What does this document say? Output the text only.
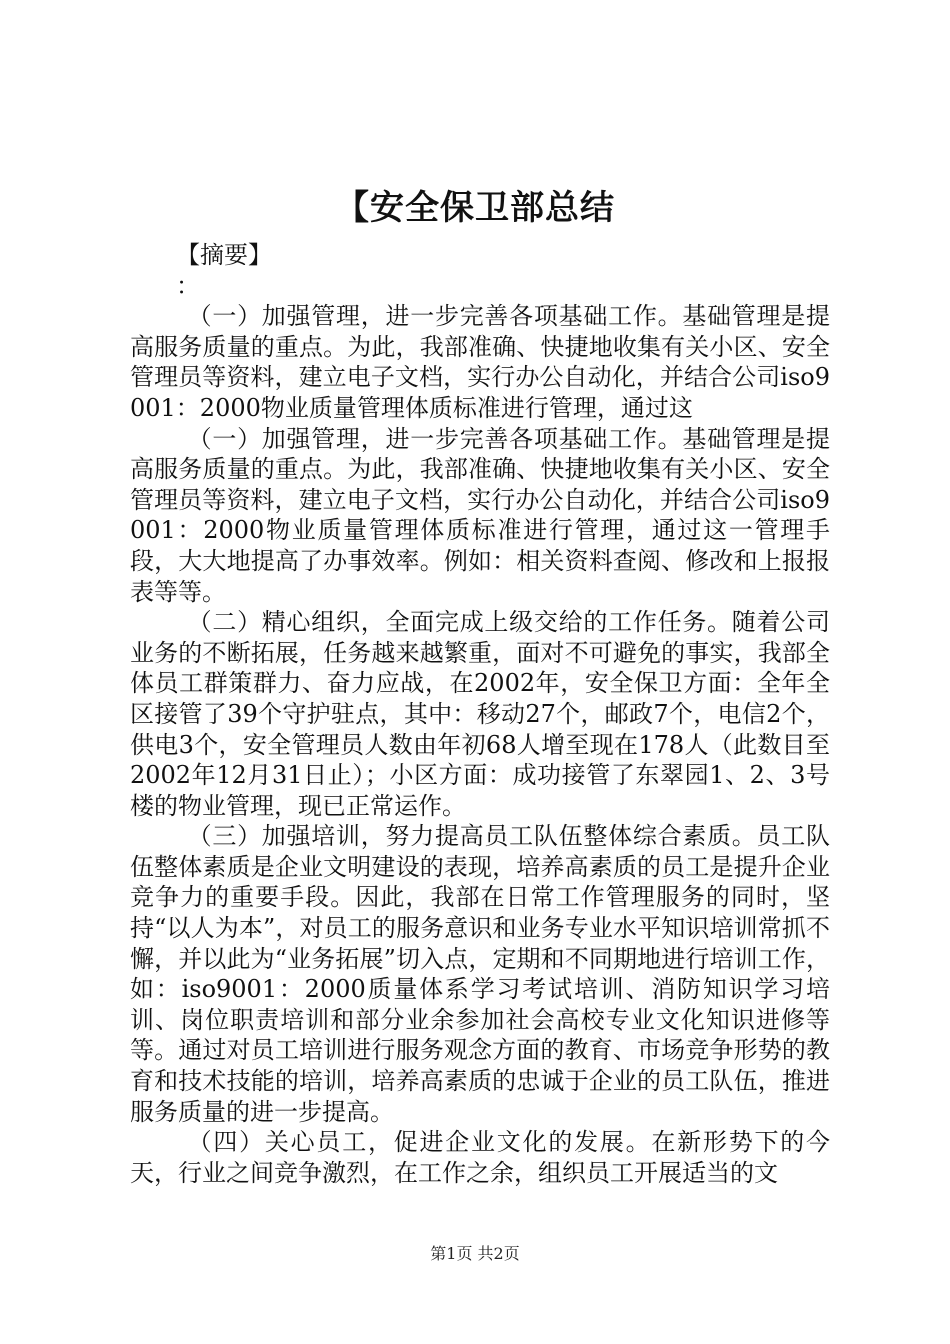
【安全保卫部总结
【摘要】
：

（一）加强管理，进一步完善各项基础工作。基础管理是提高服务质量的重点。为此，我部准确、快捷地收集有关小区、安全管理员等资料，建立电子文档，实行办公自动化，并结合公司iso9001：2000物业质量管理体质标准进行管理，通过这

（一）加强管理，进一步完善各项基础工作。基础管理是提高服务质量的重点。为此，我部准确、快捷地收集有关小区、安全管理员等资料，建立电子文档，实行办公自动化，并结合公司iso9001：2000物业质量管理体质标准进行管理，通过这一管理手段，大大地提高了办事效率。例如：相关资料查阅、修改和上报报表等等。

（二）精心组织，全面完成上级交给的工作任务。随着公司业务的不断拓展，任务越来越繁重，面对不可避免的事实，我部全体员工群策群力、奋力应战，在2002年，安全保卫方面：全年全区接管了39个守护驻点，其中：移动27个，邮政7个，电信2个，供电3个，安全管理员人数由年初68人增至现在178人（此数目至2002年12月31日止）；小区方面：成功接管了东翠园1、2、3号楼的物业管理，现已正常运作。

（三）加强培训，努力提高员工队伍整体综合素质。员工队伍整体素质是企业文明建设的表现，培养高素质的员工是提升企业竞争力的重要手段。因此，我部在日常工作管理服务的同时，坚持“以人为本”，对员工的服务意识和业务专业水平知识培训常抓不懈，并以此为“业务拓展”切入点，定期和不同期地进行培训工作，如：iso9001：2000质量体系学习考试培训、消防知识学习培训、岗位职责培训和部分业余参加社会高校专业文化知识进修等等。通过对员工培训进行服务观念方面的教育、市场竞争形势的教育和技术技能的培训，培养高素质的忠诚于企业的员工队伍，推进服务质量的进一步提高。

（四）关心员工，促进企业文化的发展。在新形势下的今天，行业之间竞争激烈，在工作之余，组织员工开展适当的文

第1页 共2页
